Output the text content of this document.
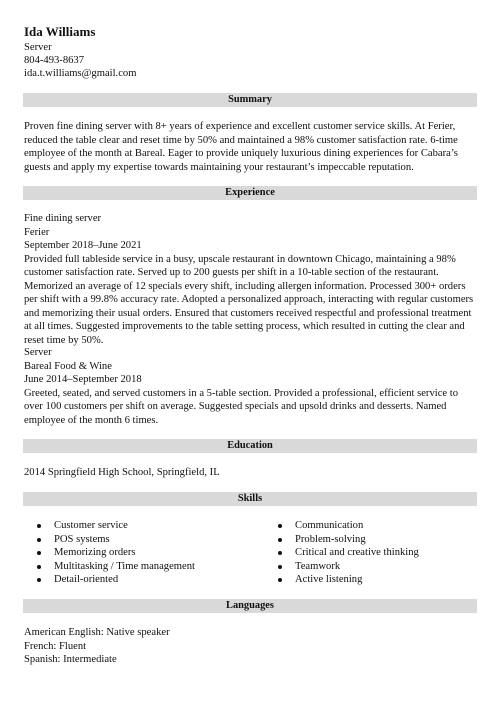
Ida Williams
Server
804-493-8637
ida.t.williams@gmail.com
Summary
Proven fine dining server with 8+ years of experience and excellent customer service skills. At Ferier, reduced the table clear and reset time by 50% and maintained a 98% customer satisfaction rate. 6-time employee of the month at Bareal. Eager to provide uniquely luxurious dining experiences for Cabara’s guests and apply my expertise towards maintaining your restaurant’s impeccable reputation.
Experience
Fine dining server
Ferier
September 2018–June 2021
Provided full tableside service in a busy, upscale restaurant in downtown Chicago, maintaining a 98% customer satisfaction rate. Served up to 200 guests per shift in a 10-table section of the restaurant. Memorized an average of 12 specials every shift, including allergen information. Processed 300+ orders per shift with a 99.8% accuracy rate. Adopted a personalized approach, interacting with regular customers and memorizing their usual orders. Ensured that customers received respectful and professional treatment at all times. Suggested improvements to the table setting process, which resulted in cutting the clear and reset time by 50%.
Server
Bareal Food & Wine
June 2014–September 2018
Greeted, seated, and served customers in a 5-table section. Provided a professional, efficient service to over 100 customers per shift on average. Suggested specials and upsold drinks and desserts. Named employee of the month 6 times.
Education
2014 Springfield High School, Springfield, IL
Skills
Customer service
POS systems
Memorizing orders
Multitasking / Time management
Detail-oriented
Communication
Problem-solving
Critical and creative thinking
Teamwork
Active listening
Languages
American English: Native speaker
French: Fluent
Spanish: Intermediate
